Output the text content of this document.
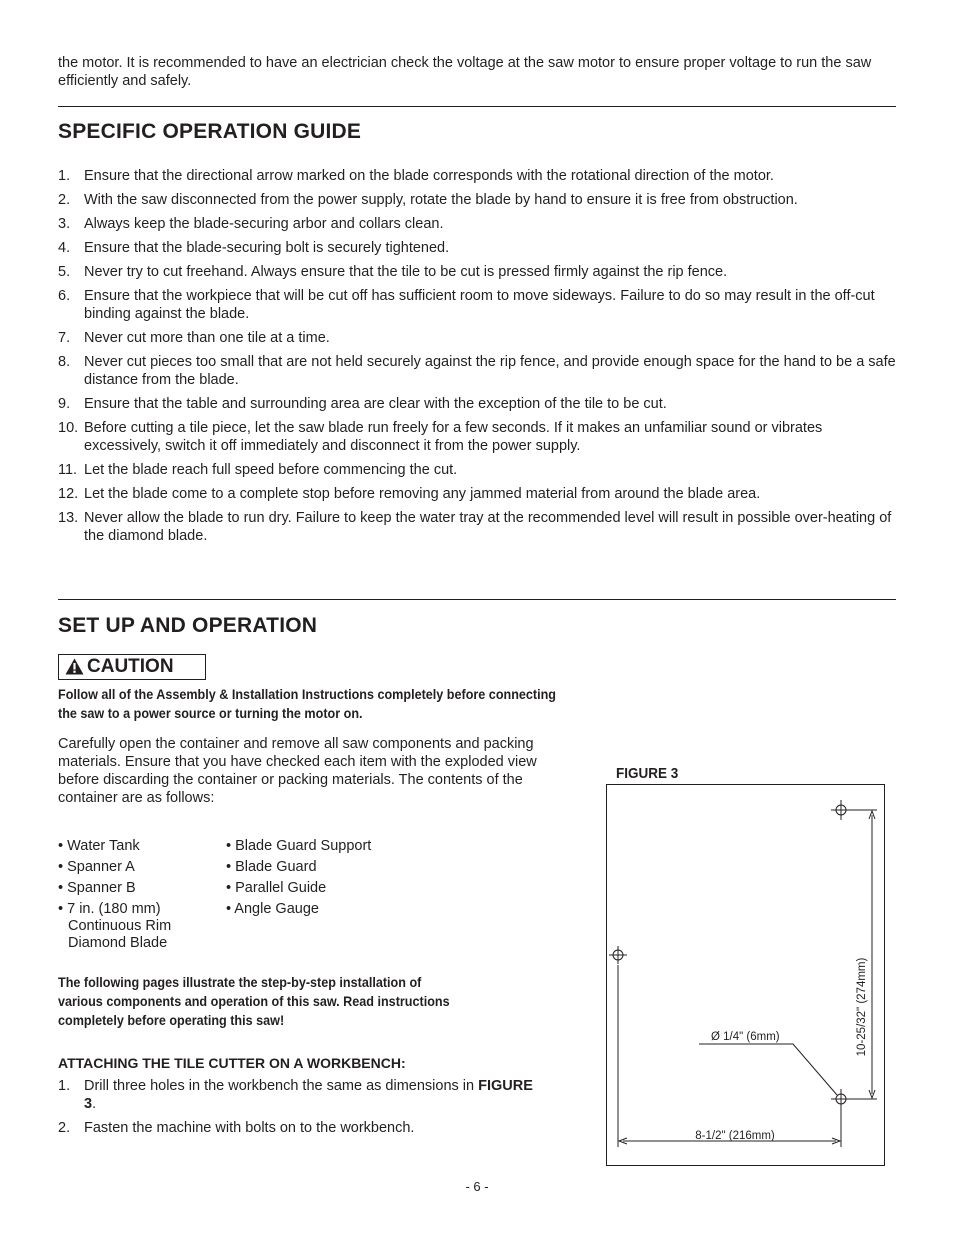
the motor. It is recommended to have an electrician check the voltage at the saw motor to ensure proper voltage to run the saw efficiently and safely.
SPECIFIC OPERATION GUIDE
1. Ensure that the directional arrow marked on the blade corresponds with the rotational direction of the motor.
2. With the saw disconnected from the power supply, rotate the blade by hand to ensure it is free from obstruction.
3. Always keep the blade-securing arbor and collars clean.
4. Ensure that the blade-securing bolt is securely tightened.
5. Never try to cut freehand. Always ensure that the tile to be cut is pressed firmly against the rip fence.
6. Ensure that the workpiece that will be cut off has sufficient room to move sideways. Failure to do so may result in the off-cut binding against the blade.
7. Never cut more than one tile at a time.
8. Never cut pieces too small that are not held securely against the rip fence, and provide enough space for the hand to be a safe distance from the blade.
9. Ensure that the table and surrounding area are clear with the exception of the tile to be cut.
10. Before cutting a tile piece, let the saw blade run freely for a few seconds. If it makes an unfamiliar sound or vibrates excessively, switch it off immediately and disconnect it from the power supply.
11. Let the blade reach full speed before commencing the cut.
12. Let the blade come to a complete stop before removing any jammed material from around the blade area.
13. Never allow the blade to run dry. Failure to keep the water tray at the recommended level will result in possible over-heating of the diamond blade.
SET UP AND OPERATION
CAUTION
Follow all of the Assembly & Installation Instructions completely before connecting
the saw to a power source or turning the motor on.
Carefully open the container and remove all saw components and packing materials. Ensure that you have checked each item with the exploded view before discarding the container or packing materials. The contents of the container are as follows:
• Water Tank
• Spanner A
• Spanner B
• 7 in. (180 mm)
Continuous Rim
Diamond Blade
• Blade Guard Support
• Blade Guard
• Parallel Guide
• Angle Gauge
The following pages illustrate the step-by-step installation of
various components and operation of this saw. Read instructions
completely before operating this saw!
ATTACHING THE TILE CUTTER ON A WORKBENCH:
1. Drill three holes in the workbench the same as dimensions in FIGURE 3.
2. Fasten the machine with bolts on to the workbench.
FIGURE 3
10-25/32" (274mm)
Ø 1/4" (6mm)
8-1/2" (216mm)
- 6 -
